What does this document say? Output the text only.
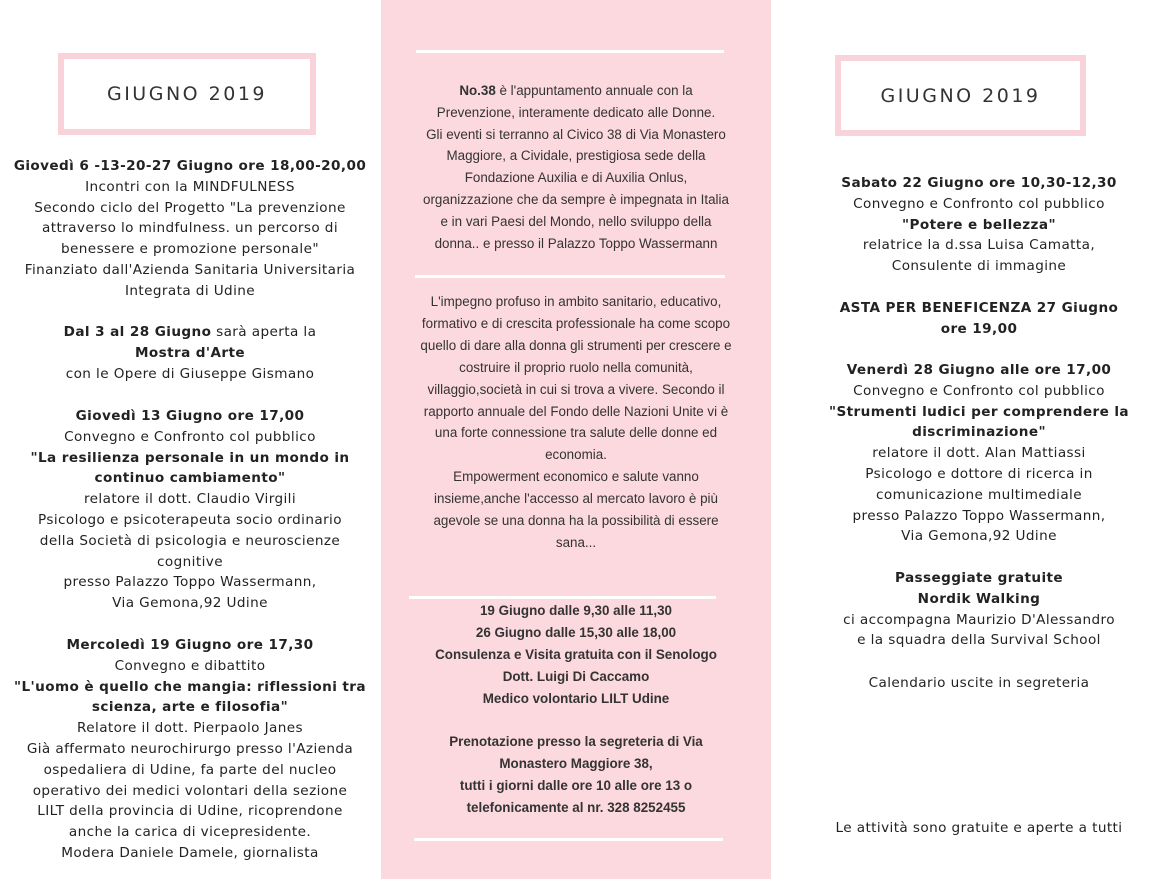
GIUGNO 2019
Giovedì 6 -13-20-27 Giugno ore 18,00-20,00
Incontri con la MINDFULNESS
Secondo ciclo del Progetto "La prevenzione
attraverso lo mindfulness. un percorso di
benessere e promozione personale"
Finanziato dall'Azienda Sanitaria Universitaria
Integrata di Udine
Dal 3 al 28 Giugno sarà aperta la
Mostra d'Arte
con le Opere di Giuseppe Gismano
Giovedì 13 Giugno ore 17,00
Convegno e Confronto col pubblico
"La resilienza personale in un mondo in
continuo cambiamento"
relatore il dott. Claudio Virgili
Psicologo e psicoterapeuta socio ordinario
della Società di psicologia e neuroscienze
cognitive
presso Palazzo Toppo Wassermann,
Via Gemona,92 Udine
Mercoledì 19 Giugno ore 17,30
Convegno e dibattito
"L'uomo è quello che mangia: riflessioni tra
scienza, arte e filosofia"
Relatore il dott. Pierpaolo Janes
Già affermato neurochirurgo presso l'Azienda
ospedaliera di Udine, fa parte del nucleo
operativo dei medici volontari della sezione
LILT della provincia di Udine, ricoprendone
anche la carica di vicepresidente.
Modera Daniele Damele, giornalista
No.38 è l'appuntamento annuale con la
Prevenzione, interamente dedicato alle Donne.
Gli eventi si terranno al Civico 38 di Via Monastero
Maggiore, a Cividale, prestigiosa sede della
Fondazione Auxilia e di Auxilia Onlus,
organizzazione che da sempre è impegnata in Italia
e in vari Paesi del Mondo, nello sviluppo della
donna.. e presso il Palazzo Toppo Wassermann
L'impegno profuso in ambito sanitario, educativo,
formativo e di crescita professionale ha come scopo
quello di dare alla donna gli strumenti per crescere e
costruire il proprio ruolo nella comunità,
villaggio,società in cui si trova a vivere. Secondo il
rapporto annuale del Fondo delle Nazioni Unite vi è
una forte connessione tra salute delle donne ed
economia.
Empowerment economico e salute vanno
insieme,anche l'accesso al mercato lavoro è più
agevole se una donna ha la possibilità di essere
sana...
19 Giugno dalle 9,30 alle 11,30
26 Giugno dalle 15,30 alle 18,00
Consulenza e Visita gratuita con il Senologo
Dott. Luigi Di Caccamo
Medico volontario LILT Udine
Prenotazione presso la segreteria di Via
Monastero Maggiore 38,
tutti i giorni dalle ore 10 alle ore 13 o
telefonicamente al nr. 328 8252455
GIUGNO 2019
Sabato 22 Giugno ore 10,30-12,30
Convegno e Confronto col pubblico
"Potere e bellezza"
relatrice la d.ssa Luisa Camatta,
Consulente di immagine
ASTA PER BENEFICENZA 27 Giugno
ore 19,00
Venerdì 28 Giugno alle ore 17,00
Convegno e Confronto col pubblico
"Strumenti ludici per comprendere la
discriminazione"
relatore il dott. Alan Mattiassi
Psicologo e dottore di ricerca in
comunicazione multimediale
presso Palazzo Toppo Wassermann,
Via Gemona,92 Udine
Passeggiate gratuite
Nordik Walking
ci accompagna Maurizio D'Alessandro
e la squadra della Survival School
Calendario uscite in segreteria
Le attività sono gratuite e aperte a tutti
